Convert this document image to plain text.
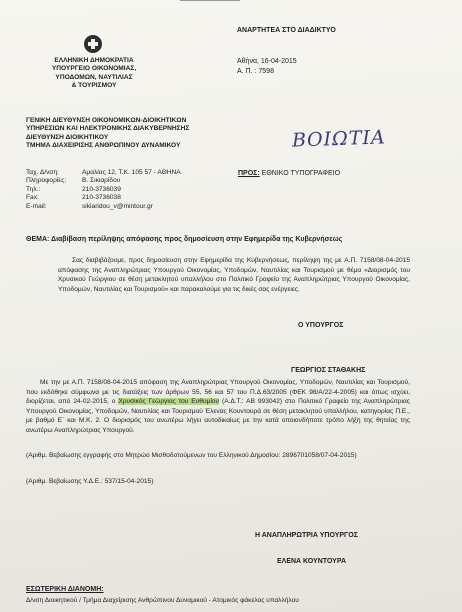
ΑΝΑΡΤΗΤΕΑ ΣΤΟ ΔΙΑΔΙΚΤΥΟ
Αθήνα, 16-04-2015
Α. Π. : 7598
ΕΛΛΗΝΙΚΗ ΔΗΜΟΚΡΑΤΙΑ
ΥΠΟΥΡΓΕΙΟ ΟΙΚΟΝΟΜΙΑΣ,
ΥΠΟΔΟΜΩΝ, ΝΑΥΤΙΛΙΑΣ
& ΤΟΥΡΙΣΜΟΥ
ΓΕΝΙΚΗ ΔΙΕΥΘΥΝΣΗ ΟΙΚΟΝΟΜΙΚΩΝ-ΔΙΟΙΚΗΤΙΚΩΝ
ΥΠΗΡΕΣΙΩΝ ΚΑΙ ΗΛΕΚΤΡΟΝΙΚΗΣ ΔΙΑΚΥΒΕΡΝΗΣΗΣ
ΔΙΕΥΘΥΝΣΗ ΔΙΟΙΚΗΤΙΚΟΥ
ΤΜΗΜΑ ΔΙΑΧΕΙΡΙΣΗΣ ΑΝΘΡΩΠΙΝΟΥ ΔΥΝΑΜΙΚΟΥ	ΒΟΙΩΤΙΑ
Ταχ. Δ/νση:	Αμαλίας 12, Τ.Κ. 105 57 - ΑΘΗΝΑ
Πληροφορίες: Β. Σικιαρίδου
Τηλ.:	210-3736039
Fax:	210-3736038
E-mail:	sikiaridou_v@mintour.gr
ΠΡΟΣ: ΕΘΝΙΚΟ ΤΥΠΟΓΡΑΦΕΙΟ
ΘΕΜΑ: Διαβίβαση περίληψης απόφασης προς δημοσίευση στην Εφημερίδα της Κυβερνήσεως
Σας διαβιβάζουμε, προς δημοσίευση στην Εφημερίδα της Κυβερνήσεως, περίληψη της με Α.Π. 7158/08-04-2015 απόφασης της Αναπληρώτριας Υπουργού Οικονομίας, Υποδομών, Ναυτιλίας και Τουρισμού με θέμα «Διορισμός του Χρυσικού Γεώργιου σε θέση μετακλητού υπαλλήλου στο Πολιτικό Γραφείο της Αναπληρώτριας Υπουργού Οικονομίας, Υποδομών, Ναυτιλίας και Τουρισμού» και παρακαλούμε για τις δικές σας ενέργειες.
Ο ΥΠΟΥΡΓΟΣ
ΓΕΩΡΓΙΟΣ ΣΤΑΘΑΚΗΣ
Με την με Α.Π. 7158/08-04-2015 απόφαση της Αναπληρώτριας Υπουργού Οικονομίας, Υποδομών, Ναυτιλίας και Τουρισμού, που εκδόθηκε σύμφωνα με τις διατάξεις των άρθρων 55, 56 και 57 του Π.Δ.63/2005 (ΦΕΚ 98/Α/22-4-2005) και όπως ισχύει, διορίζεται, από 24-02-2015, ο Χρυσικός Γεώργιος του Ευθυμίου (Α.Δ.Τ.: ΑΒ 993042) στο Πολιτικό Γραφείο της Αναπληρώτριας Υπουργού Οικονομίας, Υποδομών, Ναυτιλίας και Τουρισμού Έλενας Κουντουρά σε θέση μετακλητού υπαλλήλου, κατηγορίας Π.Ε., με βαθμό Ε΄ και Μ.Κ. 2. Ο διορισμός του ανωτέρω λήγει αυτοδικαίως με την κατά οποιονδήποτε τρόπο λήξη της θητείας της ανωτέρω Αναπληρώτριας Υπουργού.
(Αριθμ. Βεβαίωσης εγγραφής στο Μητρώο Μισθοδοτούμενων του Ελληνικού Δημοσίου: 2896701058/07-04-2015)
(Αριθμ. Βεβαίωσης Υ.Δ.Ε.: 537/15-04-2015)
Η ΑΝΑΠΛΗΡΩΤΡΙΑ ΥΠΟΥΡΓΟΣ
ΕΛΕΝΑ ΚΟΥΝΤΟΥΡΑ
ΕΣΩΤΕΡΙΚΗ ΔΙΑΝΟΜΗ:
Δ/νση Διοικητικού / Τμήμα Διαχείρισης Ανθρώπινου Δυναμικού - Ατομικός φάκελος υπαλλήλου
